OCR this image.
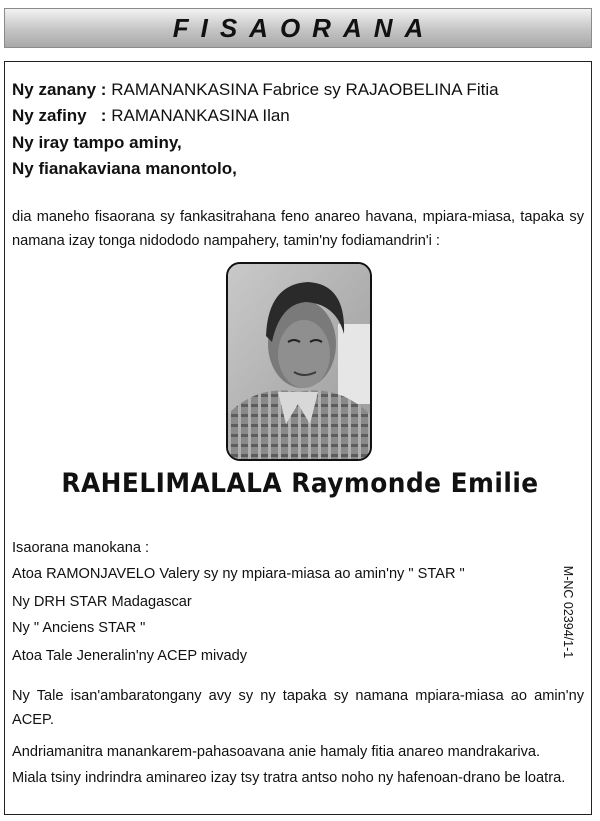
FISAORANA
Ny zanany : RAMANANKASINA Fabrice sy RAJAOBELINA Fitia
Ny zafiny   : RAMANANKASINA Ilan
Ny iray tampo aminy,
Ny fianakaviana manontolo,
dia maneho fisaorana sy fankasitrahana feno anareo havana, mpiara-miasa, tapaka sy namana izay tonga nidododo nampahery, tamin'ny fodiamandrin'i :
RAHELIMALALA Raymonde Emilie
Isaorana manokana :
Atoa RAMONJAVELO Valery sy ny mpiara-miasa ao amin'ny " STAR "
Ny DRH STAR Madagascar
Ny " Anciens STAR "
Atoa Tale Jeneralin'ny ACEP mivady
Ny Tale isan'ambaratongany avy sy ny tapaka sy namana mpiara-miasa ao amin'ny ACEP.
Andriamanitra manankarem-pahasoavana anie hamaly fitia anareo mandrakariva.
Miala tsiny indrindra aminareo izay tsy tratra antso noho ny hafenoan-drano be loatra.
M-NC 02394/1-1
